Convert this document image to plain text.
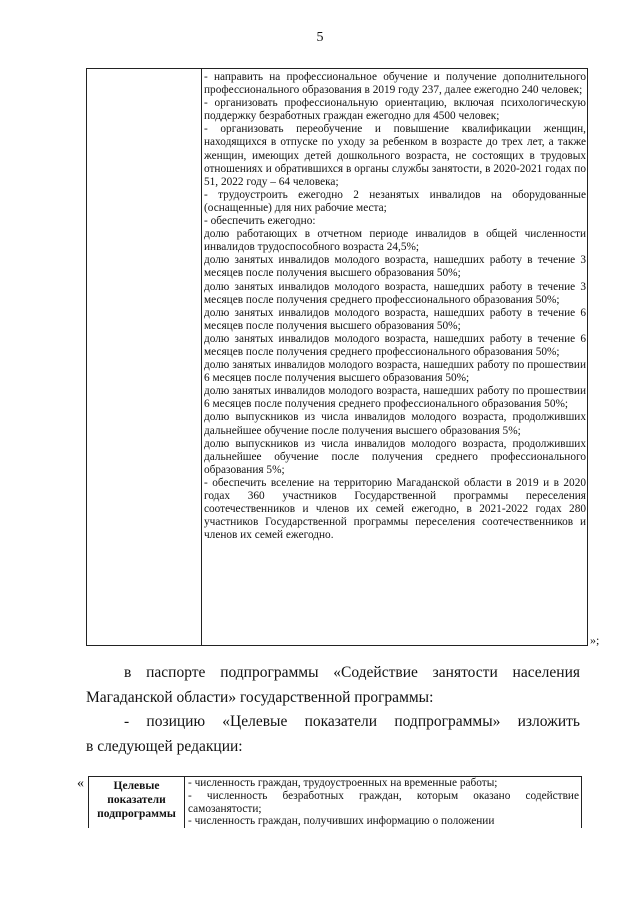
5

- направить на профессиональное обучение и получение дополнительного профессионального образования в 2019 году 237, далее ежегодно 240 человек;

- организовать профессиональную ориентацию, включая психологическую поддержку безработных граждан ежегодно для 4500 человек;

- организовать переобучение и повышение квалификации женщин, находящихся в отпуске по уходу за ребенком в возрасте до трех лет, а также женщин, имеющих детей дошкольного возраста, не состоящих в трудовых отношениях и обратившихся в органы службы занятости, в 2020-2021 годах по 51, 2022 году – 64 человека;

- трудоустроить ежегодно 2 незанятых инвалидов на оборудованные (оснащенные) для них рабочие места;

- обеспечить ежегодно:

долю работающих в отчетном периоде инвалидов в общей численности инвалидов трудоспособного возраста 24,5%;

долю занятых инвалидов молодого возраста, нашедших работу в течение 3 месяцев после получения высшего образования 50%;

долю занятых инвалидов молодого возраста, нашедших работу в течение 3 месяцев после получения среднего профессионального образования 50%;

долю занятых инвалидов молодого возраста, нашедших работу в течение 6 месяцев после получения высшего образования 50%;

долю занятых инвалидов молодого возраста, нашедших работу в течение 6 месяцев после получения среднего профессионального образования 50%;

долю занятых инвалидов молодого возраста, нашедших работу по прошествии 6 месяцев после получения высшего образования 50%;

долю занятых инвалидов молодого возраста, нашедших работу по прошествии 6 месяцев после получения среднего профессионального образования 50%;

долю выпускников из числа инвалидов молодого возраста, продолживших дальнейшее обучение после получения высшего образования 5%;

долю выпускников из числа инвалидов молодого возраста, продолживших дальнейшее обучение после получения среднего профессионального образования 5%;

- обеспечить вселение на территорию Магаданской области в 2019 и в 2020 годах 360 участников Государственной программы переселения соотечественников и членов их семей ежегодно, в 2021-2022 годах 280 участников Государственной программы переселения соотечественников и членов их семей ежегодно.

»;
в паспорте подпрограммы «Содействие занятости населения
Магаданской области» государственной программы:
- позицию «Целевые показатели подпрограммы» изложить
в следующей редакции:
«	Целевые
показатели
подпрограммы

- численность граждан, трудоустроенных на временные работы;

- численность безработных граждан, которым оказано содействие самозанятости;

- численность граждан, получивших информацию о положении
